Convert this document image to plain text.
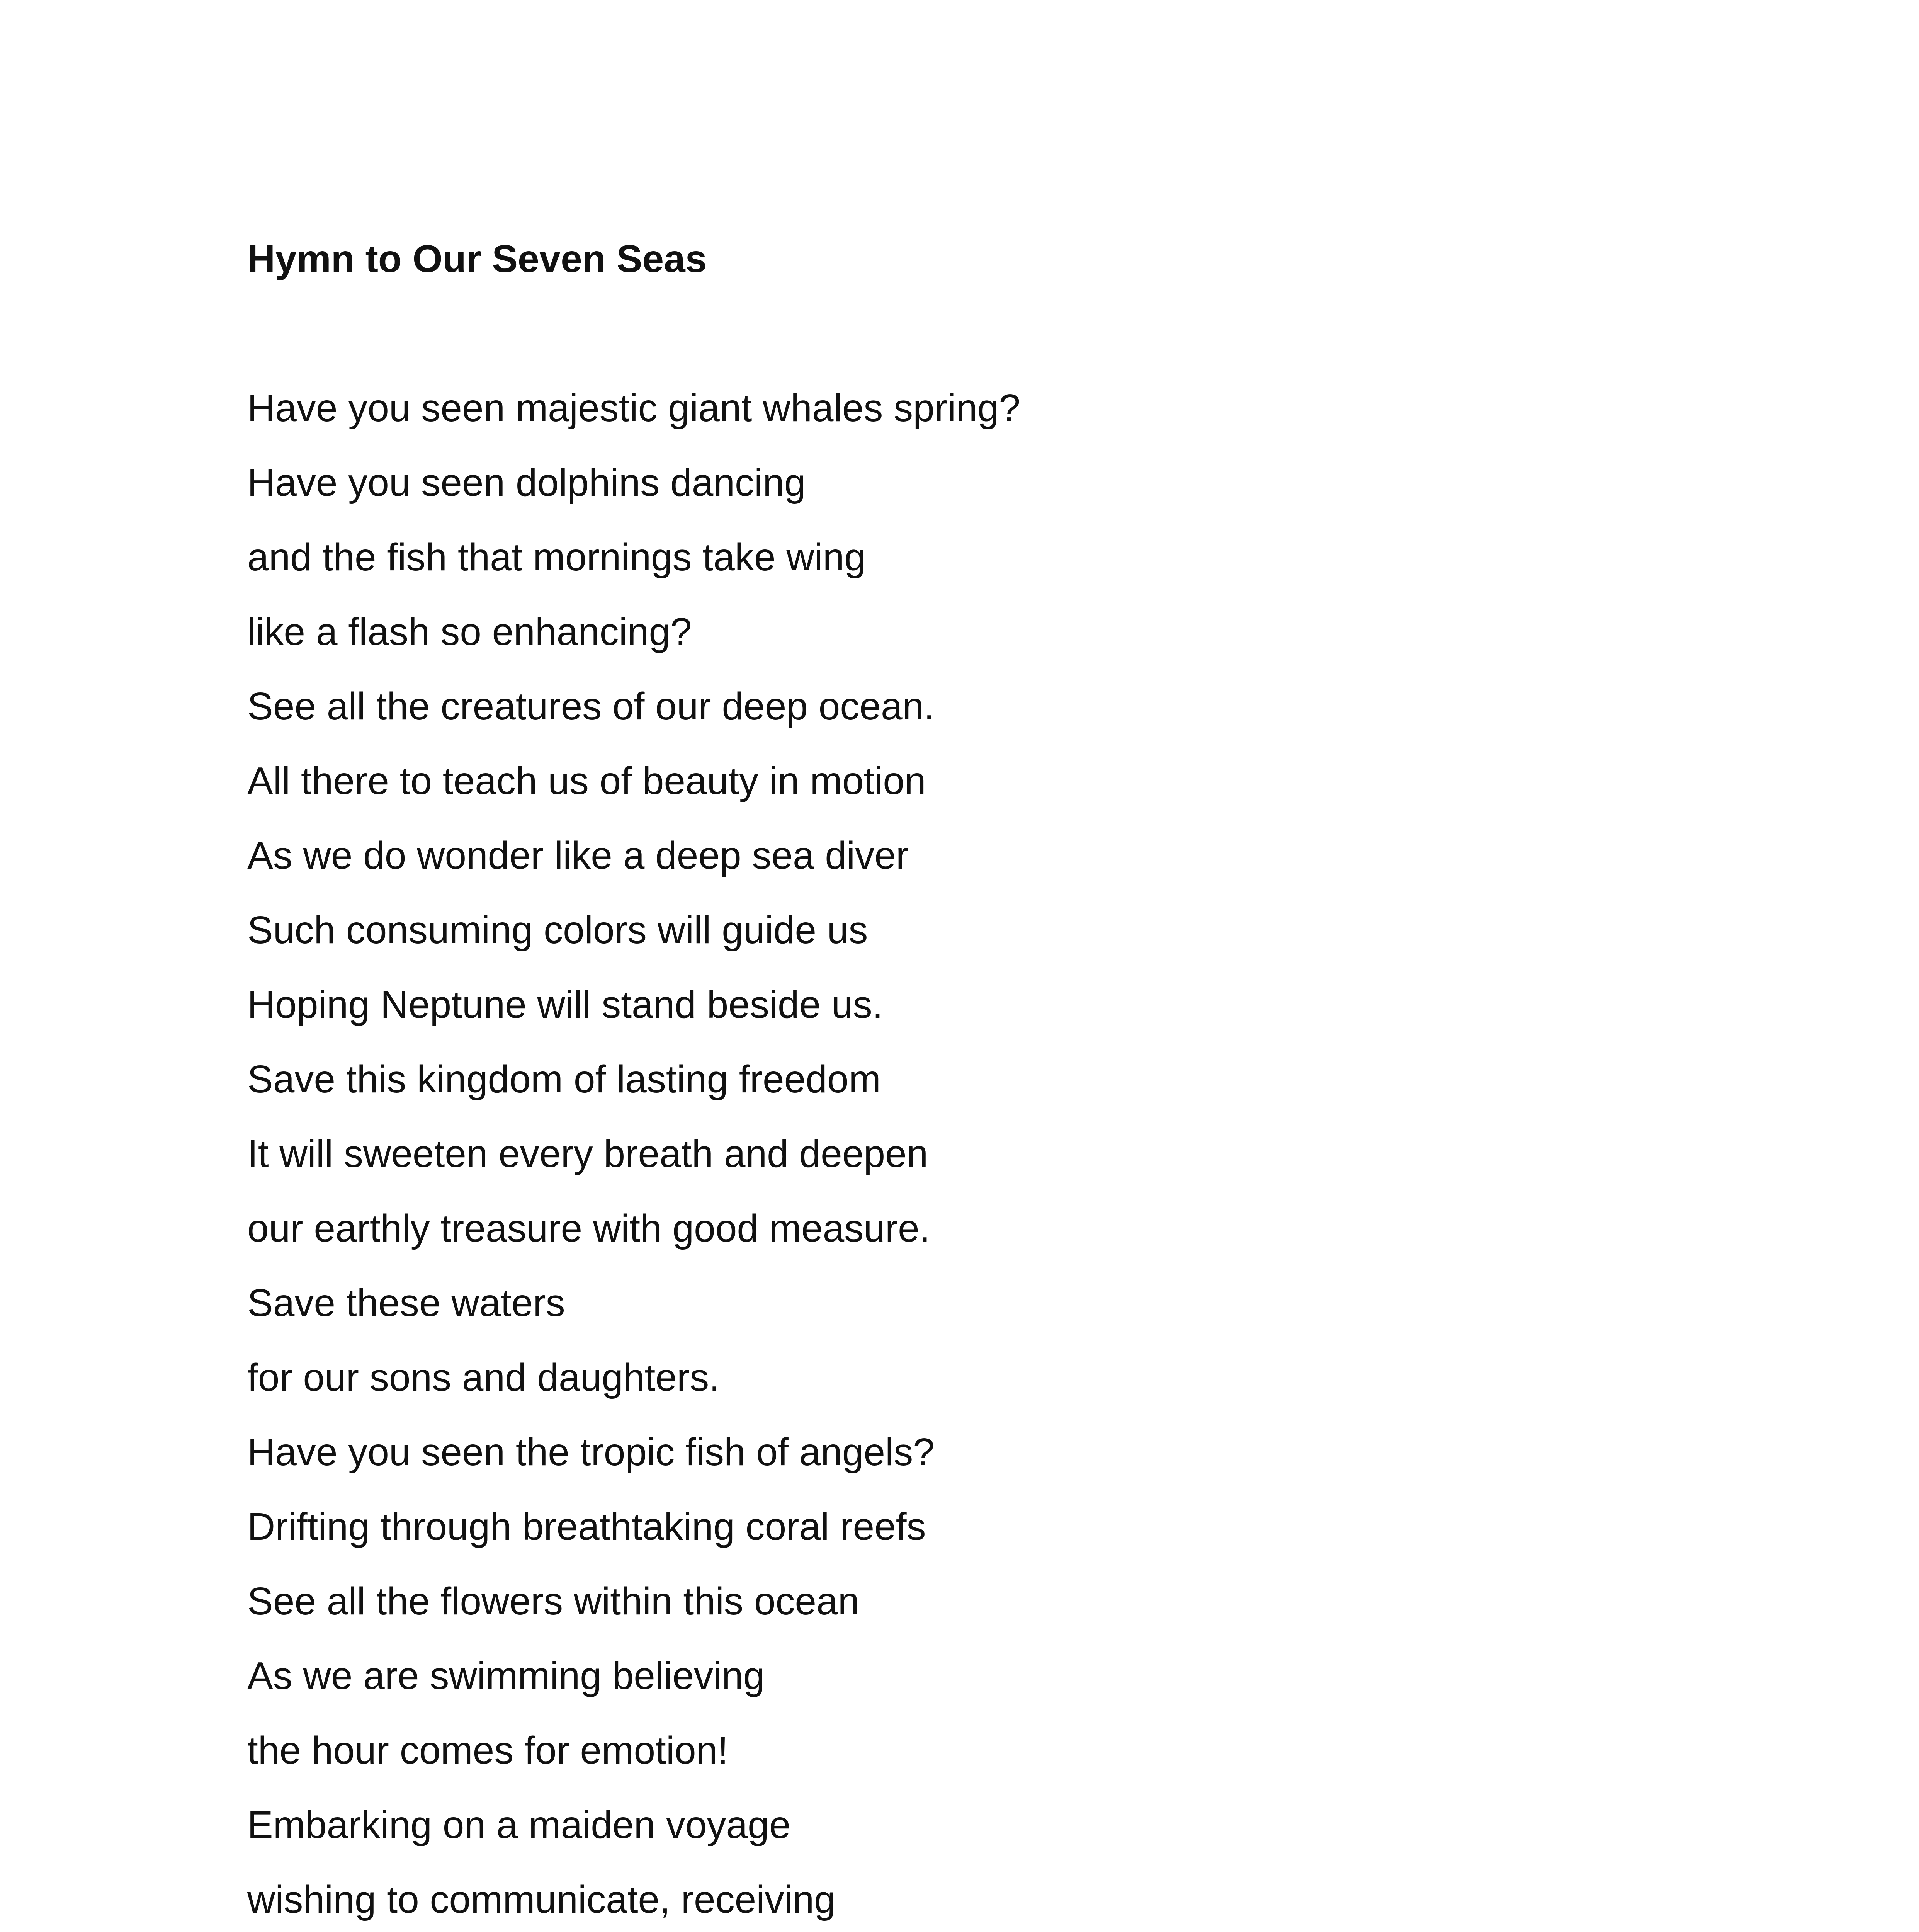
Hymn to Our Seven Seas
Have you seen majestic giant whales spring?
Have you seen dolphins dancing
and the fish that mornings take wing
like a flash so enhancing?
See all the creatures of our deep ocean.
All there to teach us of beauty in motion
As we do wonder like a deep sea diver
Such consuming colors will guide us
Hoping Neptune will stand beside us.
Save this kingdom of lasting freedom
It will sweeten every breath and deepen
our earthly treasure with good measure.
Save these waters
for our sons and daughters.
Have you seen the tropic fish of angels?
Drifting through breathtaking coral reefs
See all the flowers within this ocean
As we are swimming believing
the hour comes for emotion!
Embarking on a maiden voyage
wishing to communicate, receiving
